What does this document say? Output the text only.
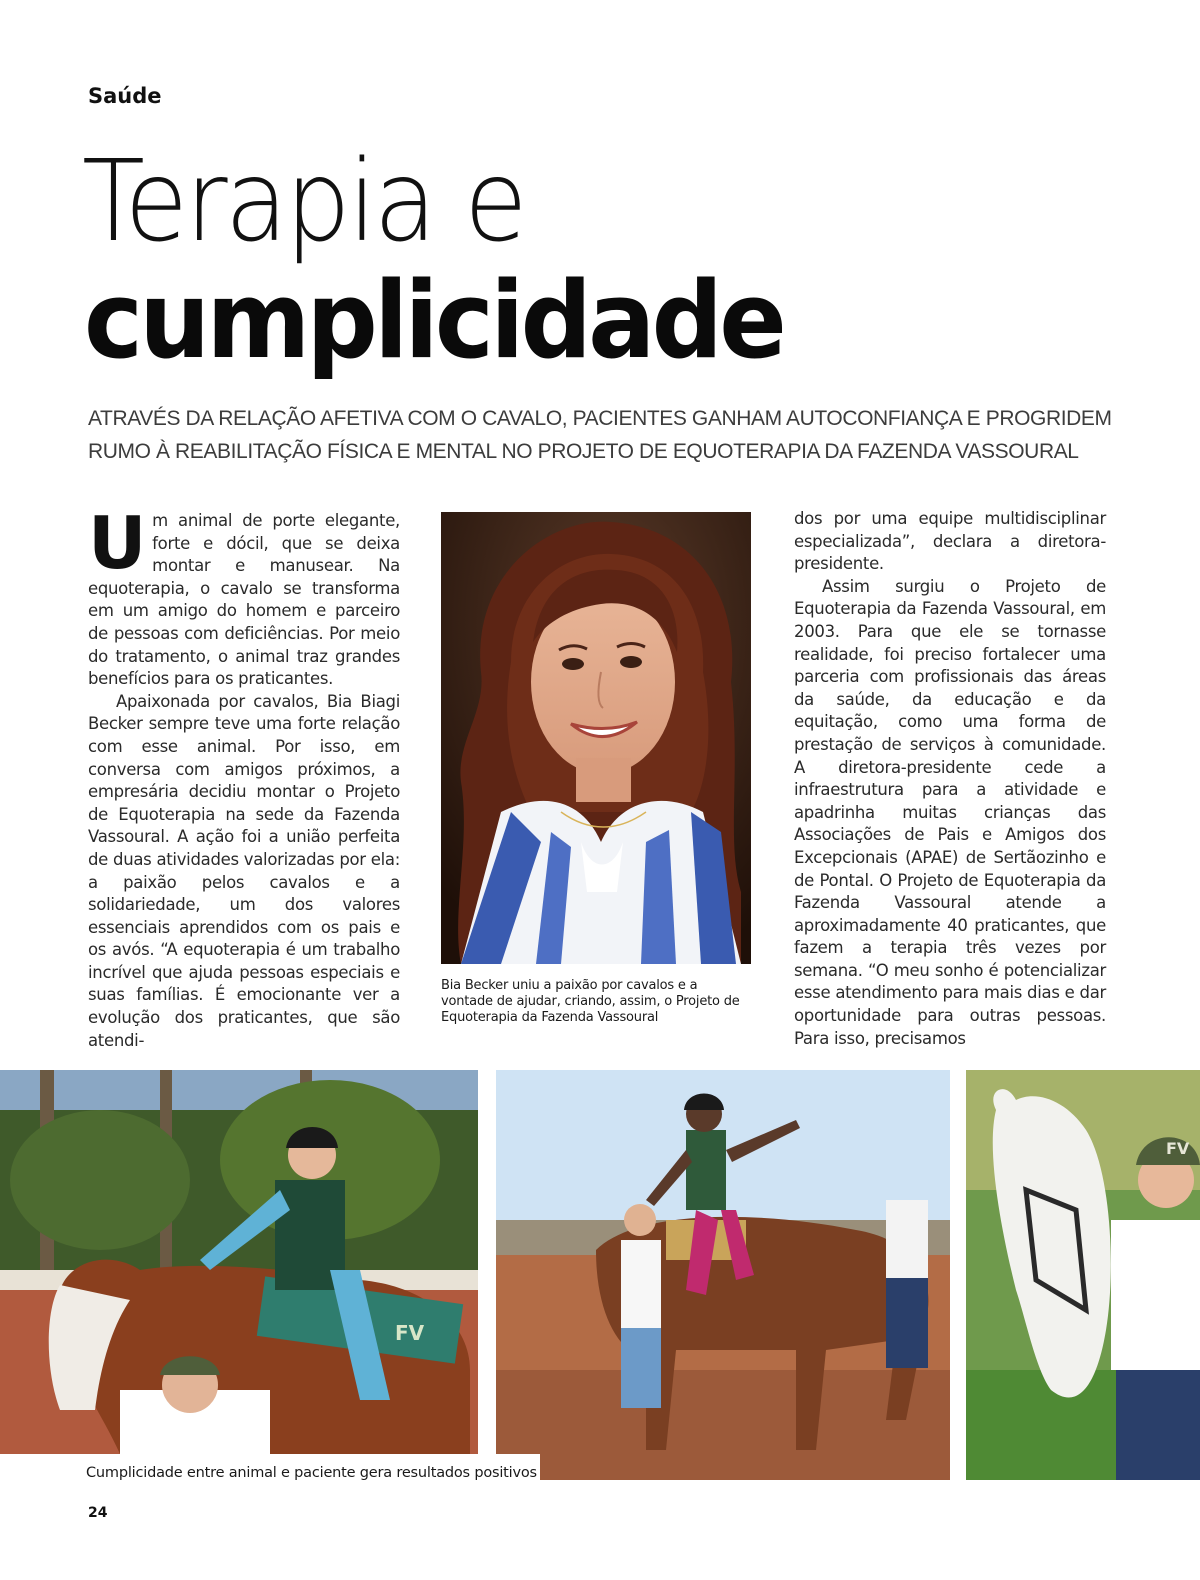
Saúde
Terapia e
cumplicidade

ATRAVÉS DA RELAÇÃO AFETIVA COM O CAVALO, PACIENTES GANHAM AUTOCONFIANÇA E PROGRIDEM
RUMO À REABILITAÇÃO FÍSICA E MENTAL NO PROJETO DE EQUOTERAPIA DA FAZENDA VASSOURAL

Um animal de porte elegante, forte e dócil, que se deixa montar e manusear. Na equoterapia, o cavalo se transforma em um amigo do homem e parceiro de pessoas com deficiências. Por meio do tratamento, o animal traz grandes benefícios para os praticantes.

Apaixonada por cavalos, Bia Biagi Becker sempre teve uma forte relação com esse animal. Por isso, em conversa com amigos próximos, a empresária decidiu montar o Projeto de Equoterapia na sede da Fazenda Vassoural. A ação foi a união perfeita de duas atividades valorizadas por ela: a paixão pelos cavalos e a solidariedade, um dos valores essenciais aprendidos com os pais e os avós. “A equoterapia é um trabalho incrível que ajuda pessoas especiais e suas famílias. É emocionante ver a evolução dos praticantes, que são atendi-

Bia Becker uniu a paixão por cavalos e a vontade de ajudar, criando, assim, o Projeto de Equoterapia da Fazenda Vassoural

dos por uma equipe multidisciplinar especializada”, declara a diretora-presidente.

Assim surgiu o Projeto de Equoterapia da Fazenda Vassoural, em 2003. Para que ele se tornasse realidade, foi preciso fortalecer uma parceria com profissionais das áreas da saúde, da educação e da equitação, como uma forma de prestação de serviços à comunidade. A diretora-presidente cede a infraestrutura para a atividade e apadrinha muitas crianças das Associações de Pais e Amigos dos Excepcionais (APAE) de Sertãozinho e de Pontal. O Projeto de Equoterapia da Fazenda Vassoural atende a aproximadamente 40 praticantes, que fazem a terapia três vezes por semana. “O meu sonho é potencializar esse atendimento para mais dias e dar oportunidade para outras pessoas. Para isso, precisamos

FV
FV
Cumplicidade entre animal e paciente gera resultados positivos
24
